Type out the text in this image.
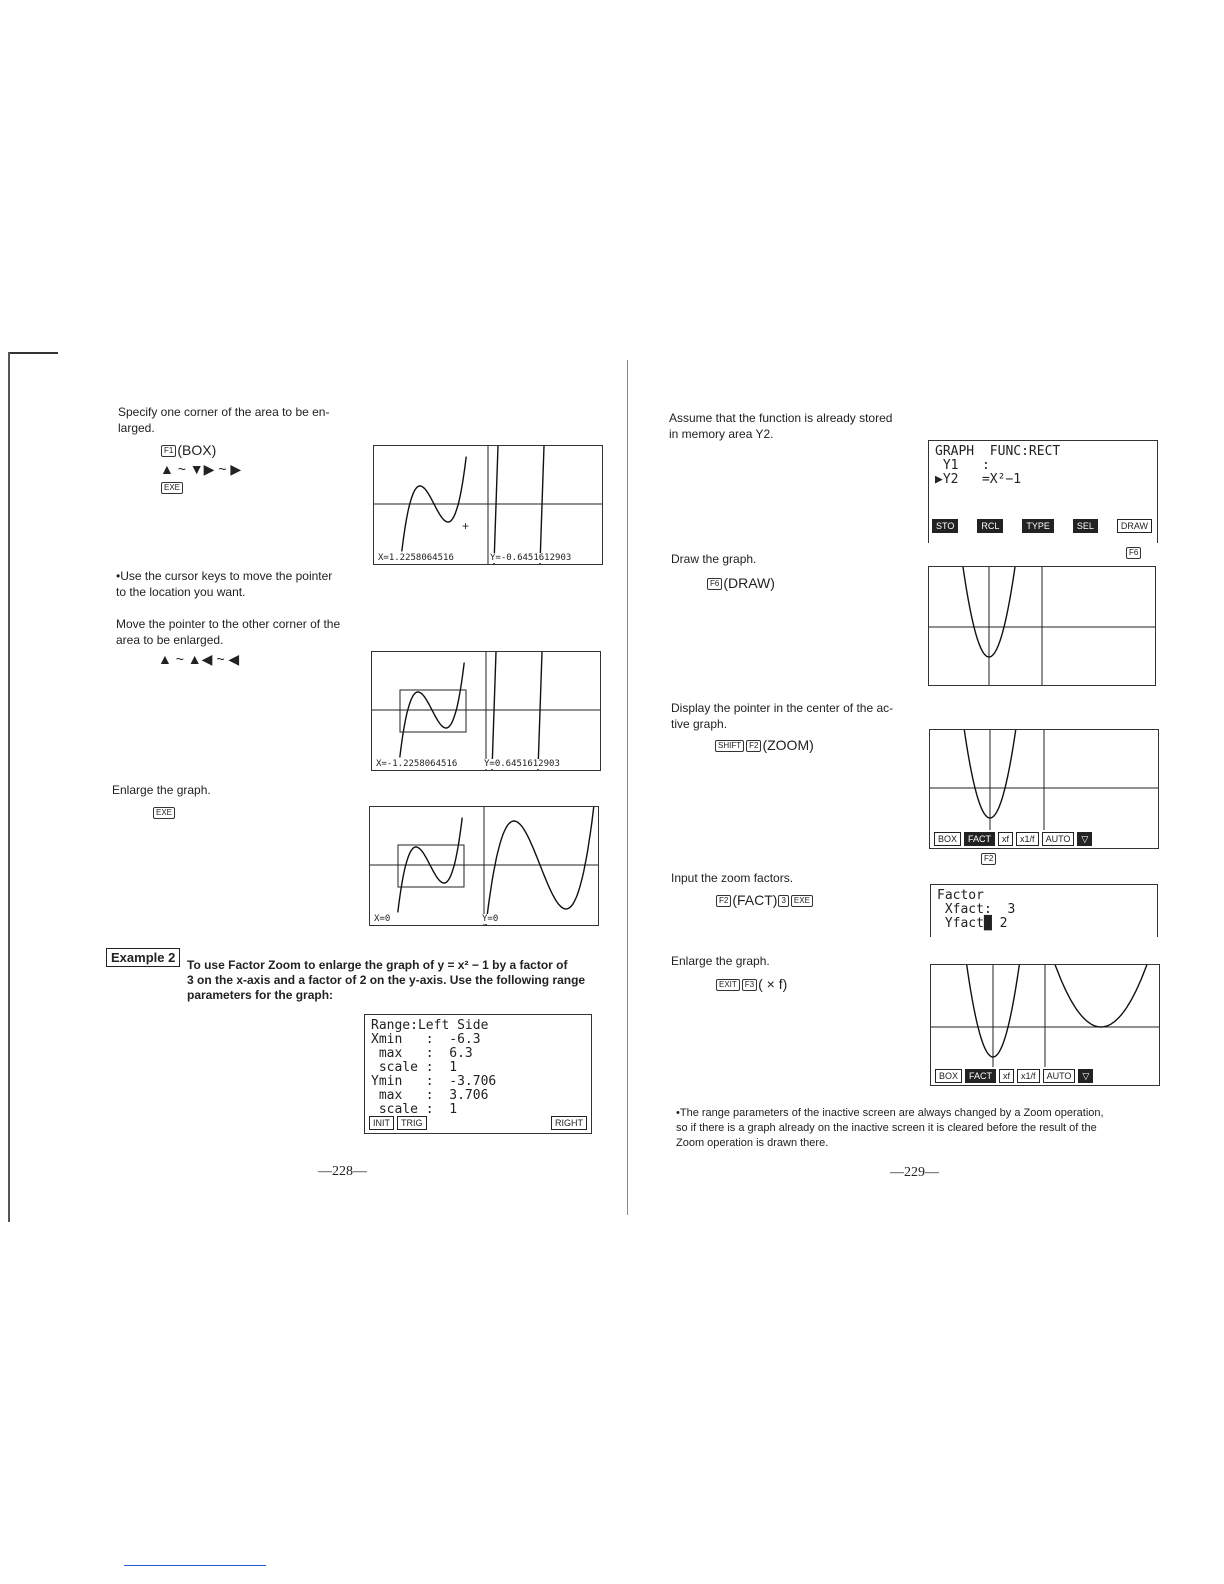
Specify one corner of the area to be en-
larged.
F1 (BOX)
▲ ~ ▼▶ ~ ▶
EXE
+
X=1.2258064516	Y=-0.6451612903
•Use the cursor keys to move the pointer
to the location you want.
Move the pointer to the other corner of the
area to be enlarged.
▲ ~ ▲◀ ~ ◀
X=-1.2258064516	Y=0.6451612903
Enlarge the graph.
EXE
X=0	Y=0
Example 2 To use Factor Zoom to enlarge the graph of y = x² − 1 by a factor of
3 on the x-axis and a factor of 2 on the y-axis. Use the following range
parameters for the graph:
Range:Left Side
Xmin   :  -6.3
max   :  6.3
scale :  1
Ymin   :  -3.706
max   :  3.706
scale :  1
INIT	TRIG	RIGHT
—228—
Assume that the function is already stored
in memory area Y2.
GRAPH  FUNC:RECT
Y1   :
▶Y2   =X²−1
STO	RCL	TYPE	SEL	DRAW
F6
Draw the graph.
F6 (DRAW)
Display the pointer in the center of the ac-
tive graph.
SHIFT F2 (ZOOM)
BOX	FACT	xf	x1/f	AUTO	▽
F2
Input the zoom factors.
F2 (FACT) 3 EXE	Factor
Xfact:  3
Yfact█ 2
Enlarge the graph.
EXIT F3 ( × f)
BOX	FACT	xf	x1/f	AUTO	▽
•The range parameters of the inactive screen are always changed by a Zoom operation,
so if there is a graph already on the inactive screen it is cleared before the result of the
Zoom operation is drawn there.
—229—
